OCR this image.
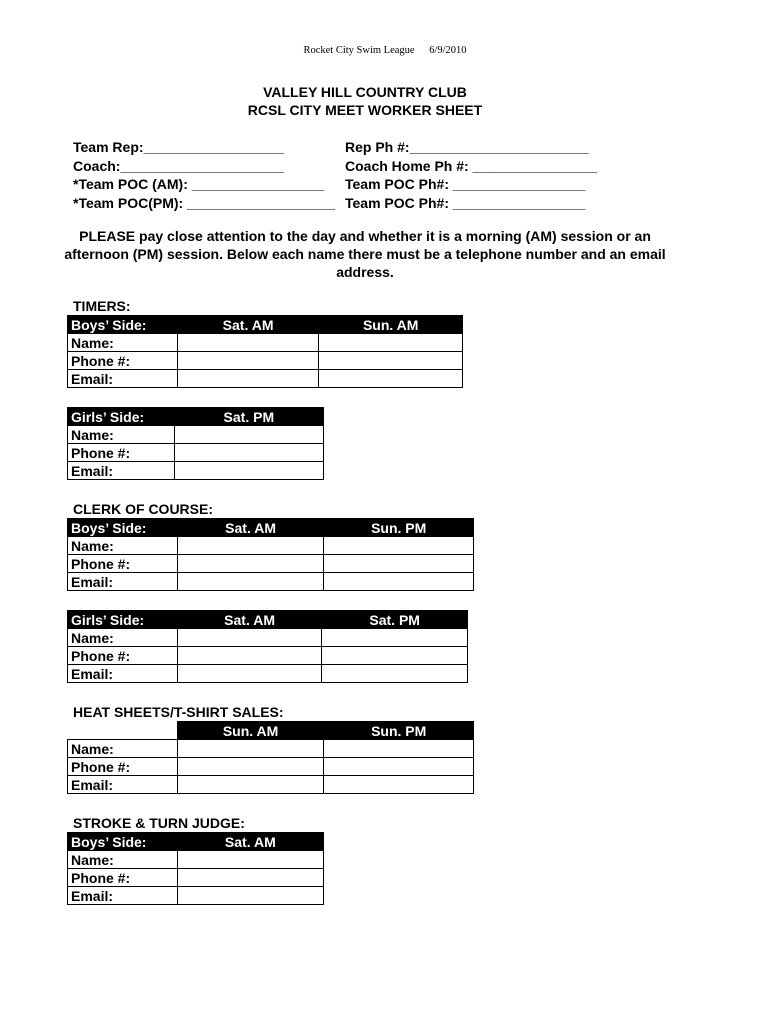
Rocket City Swim League 6/9/2010
VALLEY HILL COUNTRY CLUB
RCSL CITY MEET WORKER SHEET
Team Rep:__________________	Rep Ph #:_______________________
Coach:_____________________	Coach Home Ph #: ________________
*Team POC (AM): _________________	Team POC Ph#: _________________
*Team POC(PM): ___________________ Team POC Ph#: _________________
PLEASE pay close attention to the day and whether it is a morning (AM) session or an afternoon (PM) session. Below each name there must be a telephone number and an email address.
TIMERS:
Boys’ Side:	Sat. AM	Sun. AM
Name:		
Phone #:		
Email:		
Girls’ Side:	Sat. PM
Name:	
Phone #:	
Email:	
CLERK OF COURSE:
Boys’ Side:	Sat. AM	Sun. PM
Name:		
Phone #:		
Email:		
Girls’ Side:	Sat. AM	Sat. PM
Name:		
Phone #:		
Email:		
HEAT SHEETS/T-SHIRT SALES:
	Sun. AM	Sun. PM
Name:		
Phone #:		
Email:		
STROKE & TURN JUDGE:
Boys’ Side:	Sat. AM
Name:	
Phone #:	
Email:	
